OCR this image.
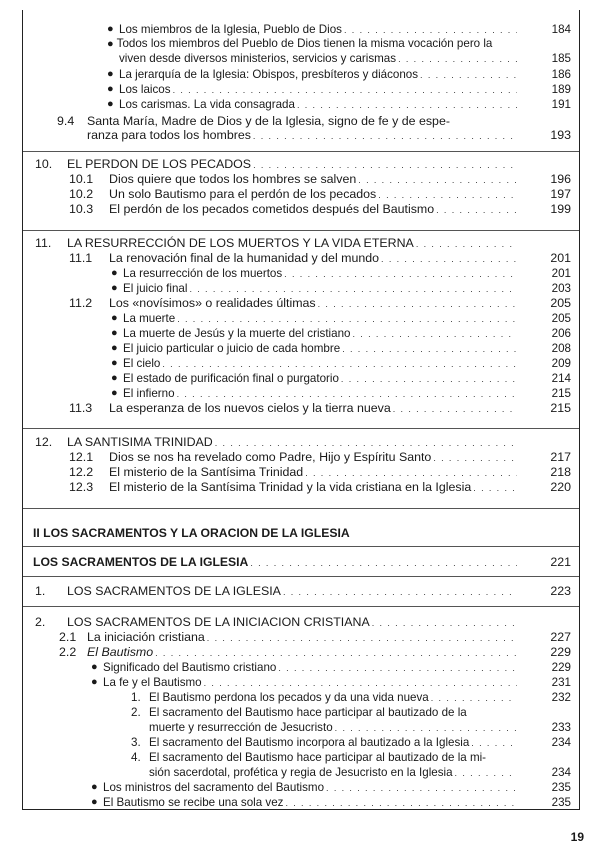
● Los miembros de la Iglesia, Pueblo de Dios . . .	184
● Todos los miembros del Pueblo de Dios tienen la misma vocación pero la
viven desde diversos ministerios, servicios y carismas . . .	185
● La jerarquía de la Iglesia: Obispos, presbíteros y diáconos . . .	186
● Los laicos . . .	189
● Los carismas. La vida consagrada . . .	191
9.4 Santa María, Madre de Dios y de la Iglesia, signo de fe y de espe-
ranza para todos los hombres . . .	193
10. EL PERDON DE LOS PECADOS
. . .
10.1 Dios quiere que todos los hombres se salven . . .	196
10.2 Un solo Bautismo para el perdón de los pecados . . .	197
10.3 El perdón de los pecados cometidos después del Bautismo . . .	199
11. LA RESURRECCIÓN DE LOS MUERTOS Y LA VIDA ETERNA
. . .
11.1 La renovación final de la humanidad y del mundo . . .	201
● La resurrección de los muertos . . .	201
● El juicio final . . .	203
11.2 Los «novísimos» o realidades últimas . . .	205
● La muerte . . .	205
● La muerte de Jesús y la muerte del cristiano . . .	206
● El juicio particular o juicio de cada hombre . . .	208
● El cielo . . .	209
● El estado de purificación final o purgatorio . . .	214
● El infierno . . .	215
11.3 La esperanza de los nuevos cielos y la tierra nueva . . .	215
12. LA SANTISIMA TRINIDAD
. . .
12.1 Dios se nos ha revelado como Padre, Hijo y Espíritu Santo . . .	217
12.2 El misterio de la Santísima Trinidad . . .	218
12.3 El misterio de la Santísima Trinidad y la vida cristiana en la Iglesia . . .	220
II LOS SACRAMENTOS Y LA ORACION DE LA IGLESIA
LOS SACRAMENTOS DE LA IGLESIA . . .	221
1. LOS SACRAMENTOS DE LA IGLESIA . . .	223
2. LOS SACRAMENTOS DE LA INICIACION CRISTIANA
. . .
2.1 La iniciación cristiana . . .	227
2.2 El Bautismo . . .	229
● Significado del Bautismo cristiano . . .	229
● La fe y el Bautismo . . .	231
1. El Bautismo perdona los pecados y da una vida nueva . . .	232
2. El sacramento del Bautismo hace participar al bautizado de la
muerte y resurrección de Jesucristo . . .	233
3. El sacramento del Bautismo incorpora al bautizado a la Iglesia . . .	234
4. El sacramento del Bautismo hace participar al bautizado de la mi-
sión sacerdotal, profética y regia de Jesucristo en la Iglesia . . .	234
● Los ministros del sacramento del Bautismo . . .	235
● El Bautismo se recibe una sola vez . . .	235
19
